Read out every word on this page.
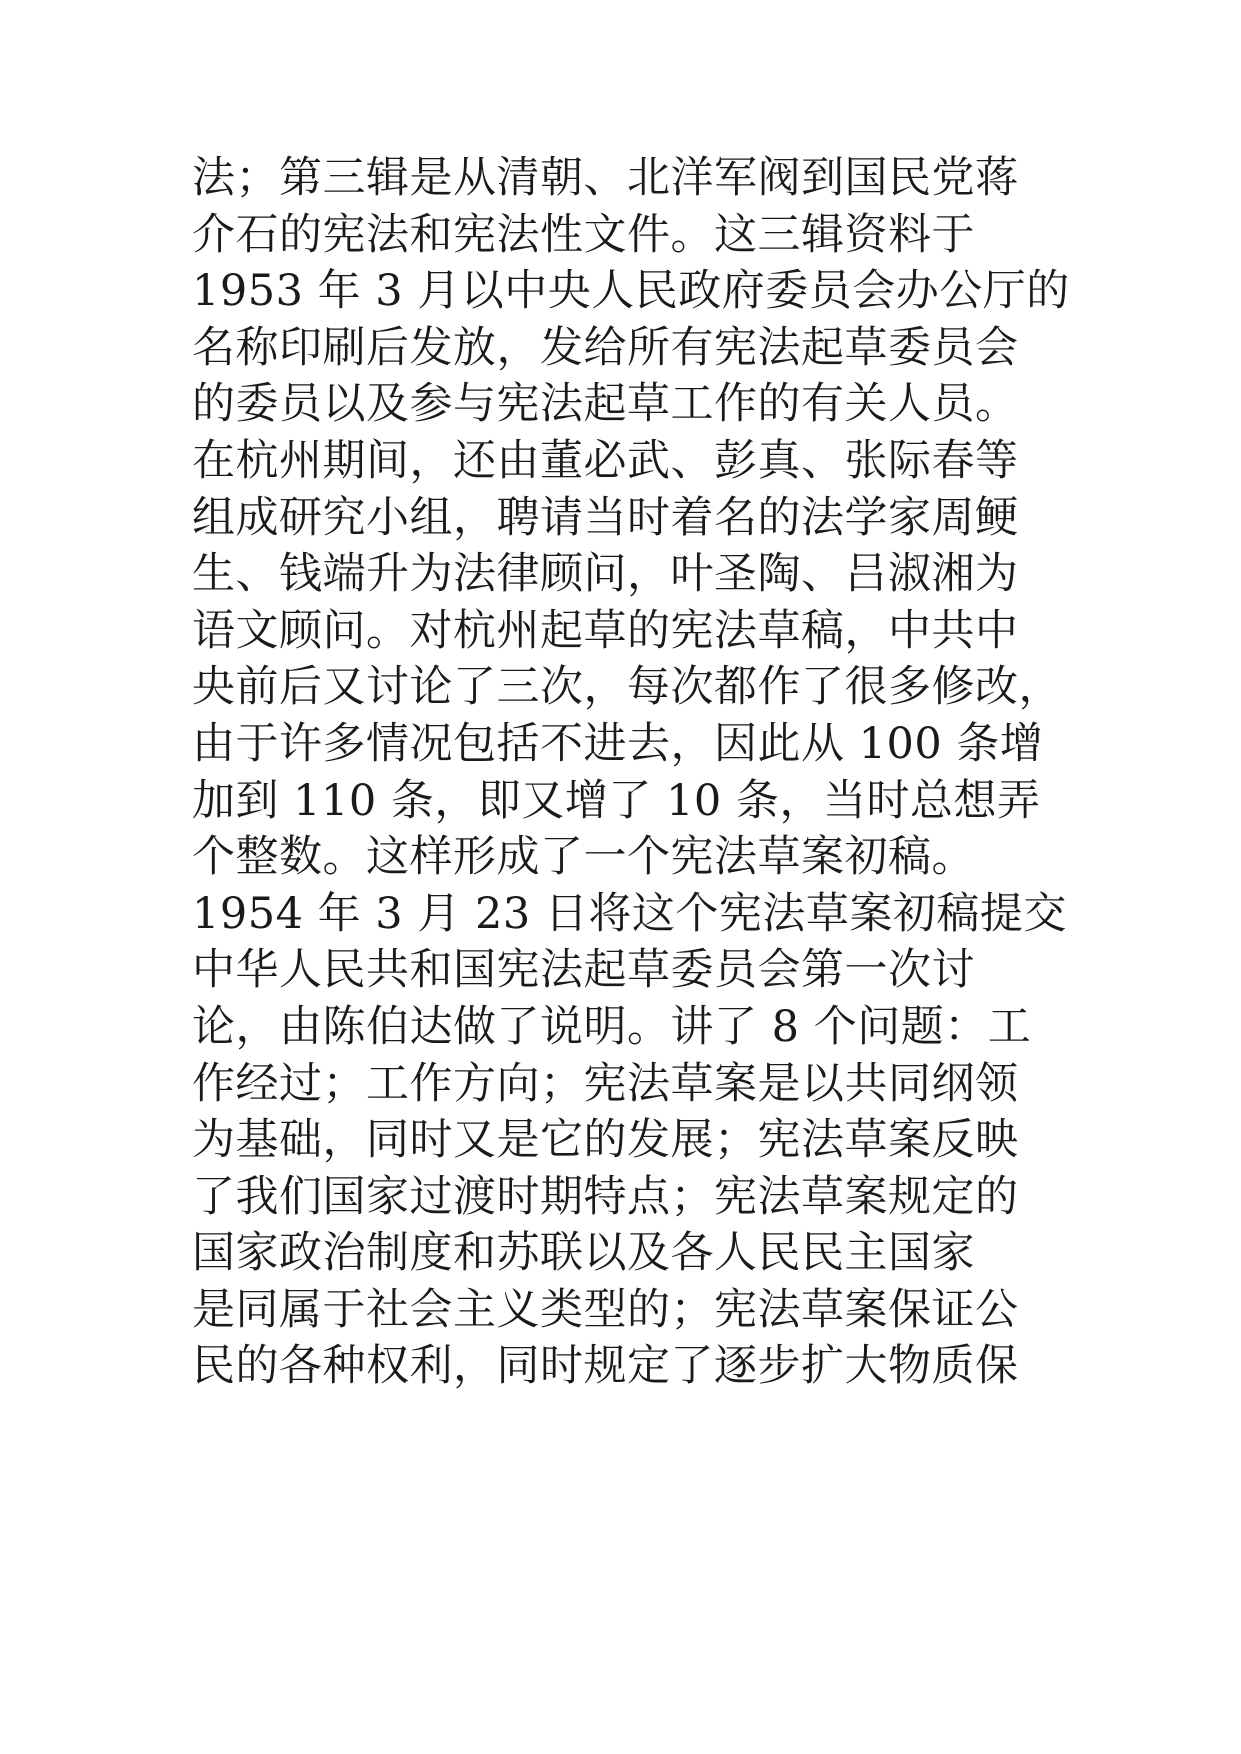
法；第三辑是从清朝、北洋军阀到国民党蒋
介石的宪法和宪法性文件。这三辑资料于
1953 年 3 月以中央人民政府委员会办公厅的
名称印刷后发放，发给所有宪法起草委员会
的委员以及参与宪法起草工作的有关人员。
在杭州期间，还由董必武、彭真、张际春等
组成研究小组，聘请当时着名的法学家周鲠
生、钱端升为法律顾问，叶圣陶、吕淑湘为
语文顾问。对杭州起草的宪法草稿，中共中
央前后又讨论了三次，每次都作了很多修改，
由于许多情况包括不进去，因此从 100 条增
加到 110 条，即又增了 10 条，当时总想弄
个整数。这样形成了一个宪法草案初稿。
1954 年 3 月 23 日将这个宪法草案初稿提交
中华人民共和国宪法起草委员会第一次讨
论，由陈伯达做了说明。讲了 8 个问题：工
作经过；工作方向；宪法草案是以共同纲领
为基础，同时又是它的发展；宪法草案反映
了我们国家过渡时期特点；宪法草案规定的
国家政治制度和苏联以及各人民民主国家
是同属于社会主义类型的；宪法草案保证公
民的各种权利，同时规定了逐步扩大物质保
